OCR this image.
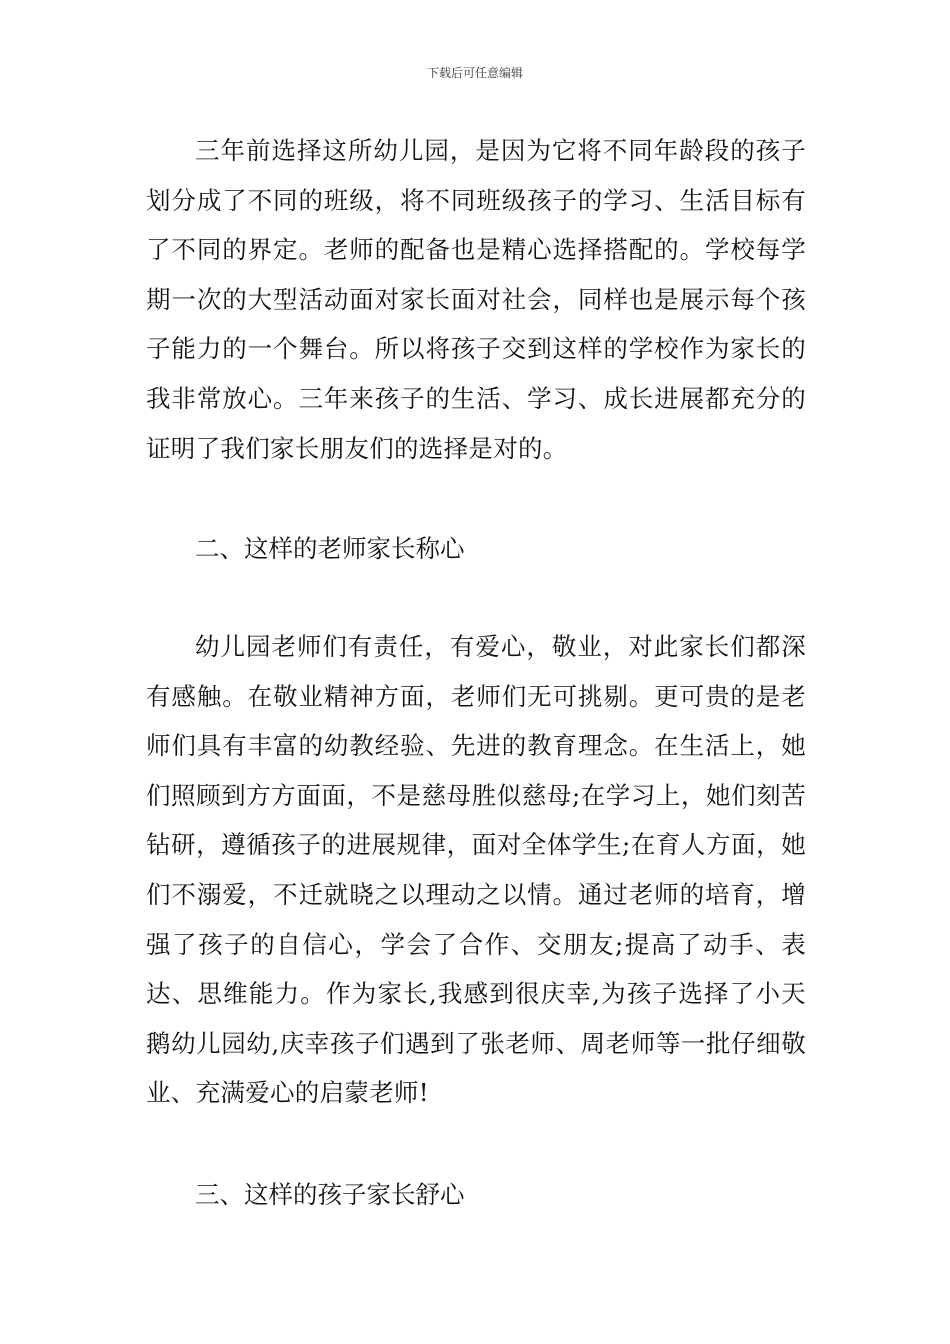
下载后可任意编辑

三年前选择这所幼儿园，是因为它将不同年龄段的孩子划分成了不同的班级，将不同班级孩子的学习、生活目标有了不同的界定。老师的配备也是精心选择搭配的。学校每学期一次的大型活动面对家长面对社会，同样也是展示每个孩子能力的一个舞台。所以将孩子交到这样的学校作为家长的我非常放心。三年来孩子的生活、学习、成长进展都充分的证明了我们家长朋友们的选择是对的。

二、这样的老师家长称心

幼儿园老师们有责任，有爱心，敬业，对此家长们都深有感触。在敬业精神方面，老师们无可挑剔。更可贵的是老师们具有丰富的幼教经验、先进的教育理念。在生活上，她们照顾到方方面面，不是慈母胜似慈母;在学习上，她们刻苦钻研，遵循孩子的进展规律，面对全体学生;在育人方面，她们不溺爱，不迁就晓之以理动之以情。通过老师的培育，增强了孩子的自信心，学会了合作、交朋友;提高了动手、表达、思维能力。作为家长,我感到很庆幸,为孩子选择了小天鹅幼儿园幼,庆幸孩子们遇到了张老师、周老师等一批仔细敬业、充满爱心的启蒙老师!

三、这样的孩子家长舒心
